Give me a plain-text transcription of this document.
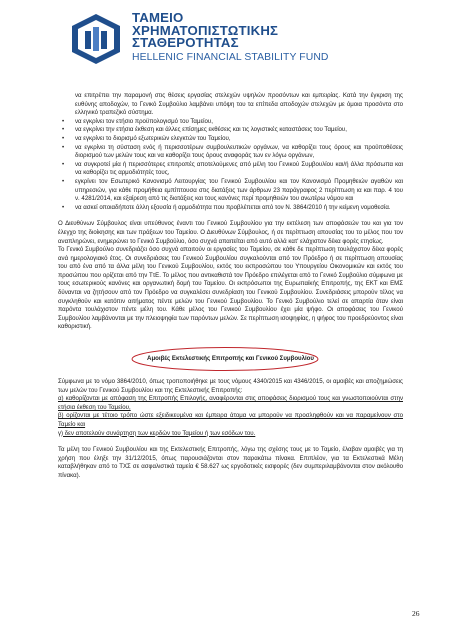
ΤΑΜΕΙΟ
ΧΡΗΜΑΤΟΠΙΣΤΩΤΙΚΗΣ
ΣΤΑΘΕΡΟΤΗΤΑΣ
HELLENIC FINANCIAL STABILITY FUND

να επιτρέπει την παραμονή στις θέσεις εργασίας στελεχών υψηλών προσόντων και εμπειρίας. Κατά την έγκριση της ευθύνης αποδοχών, το Γενικό Συμβούλιο λαμβάνει υπόψη του τα επίπεδα αποδοχών στελεχών με όμοια προσόντα στο ελληνικό τραπεζικό σύστημα.

• να εγκρίνει τον ετήσιο προϋπολογισμό του Ταμείου,
• να εγκρίνει την ετήσια έκθεση και άλλες επίσημες εκθέσεις και τις λογιστικές καταστάσεις του Ταμείου,
• να εγκρίνει το διορισμό εξωτερικών ελεγκτών του Ταμείου,
• να εγκρίνει τη σύσταση ενός ή περισσοτέρων συμβουλευτικών οργάνων, να καθορίζει τους όρους και προϋποθέσεις διορισμού των μελών τους και να καθορίζει τους όρους αναφοράς των εν λόγω οργάνων,
• να συγκροτεί μία ή περισσότερες επιτροπές αποτελούμενες από μέλη του Γενικού Συμβουλίου και/ή άλλα πρόσωπα και να καθορίζει τις αρμοδιότητές τους,
• εγκρίνει τον Εσωτερικό Κανονισμό Λειτουργίας του Γενικού Συμβουλίου και τον Κανονισμό Προμηθειών αγαθών και υπηρεσιών, για κάθε προμήθεια εμπίπτουσα στις διατάξεις των άρθρων 23 παράγραφος 2 περίπτωση ια και παρ. 4 του ν. 4281/2014, και εξαίρεση από τις διατάξεις και τους κανόνες περί προμηθειών του ανωτέρω νόμου και
• να ασκεί οποιαδήποτε άλλη εξουσία ή αρμοδιότητα που προβλέπεται από τον Ν. 3864/2010 ή την κείμενη νομοθεσία.

Ο Διευθύνων Σύμβουλος είναι υπεύθυνος έναντι του Γενικού Συμβουλίου για την εκτέλεση των αποφάσεών του και για τον έλεγχο της διοίκησης και των πράξεων του Ταμείου. Ο Διευθύνων Σύμβουλος, ή σε περίπτωση απουσίας του το μέλος που τον αναπληρώνει, ενημερώνει το Γενικό Συμβούλιο, όσο συχνά απαιτείται από αυτό αλλά κατ' ελάχιστον δέκα φορές ετησίως.

Το Γενικό Συμβούλιο συνεδριάζει όσο συχνά απαιτούν οι εργασίες του Ταμείου, σε κάθε δε περίπτωση τουλάχιστον δέκα φορές ανά ημερολογιακό έτος. Οι συνεδριάσεις του Γενικού Συμβουλίου συγκαλούνται από τον Πρόεδρο ή σε περίπτωση απουσίας του από ένα από τα άλλα μέλη του Γενικού Συμβουλίου, εκτός του εκπροσώπου του Υπουργείου Οικονομικών και εκτός του προσώπου που ορίζεται από την ΤτΕ. Το μέλος που αντικαθιστά τον Πρόεδρο επιλέγεται από το Γενικό Συμβούλιο σύμφωνα με τους εσωτερικούς κανόνες και οργανωτική δομή του Ταμείου. Οι εκπρόσωποι της Ευρωπαϊκής Επιτροπής, της ΕΚΤ και ΕΜΣ δύνανται να ζητήσουν από τον Πρόεδρο να συγκαλέσει συνεδρίαση του Γενικού Συμβουλίου. Συνεδριάσεις μπορούν τέλος να συγκληθούν και κατόπιν αιτήματος πέντε μελών του Γενικού Συμβουλίου. Το Γενικό Συμβούλιο τελεί σε απαρτία όταν είναι παρόντα τουλάχιστον πέντε μέλη του. Κάθε μέλος του Γενικού Συμβουλίου έχει μία ψήφο. Οι αποφάσεις του Γενικού Συμβουλίου λαμβάνονται με την πλειοψηφία των παρόντων μελών. Σε περίπτωση ισοψηφίας, η ψήφος του προεδρεύοντος είναι καθοριστική.

Αμοιβές Εκτελεστικής Επιτροπής και Γενικού Συμβουλίου

Σύμφωνα με το νόμο 3864/2010, όπως τροποποιήθηκε με τους νόμους 4340/2015 και 4346/2015, οι αμοιβές και αποζημιώσεις των μελών του Γενικού Συμβουλίου και της Εκτελεστικής Επιτροπής:

α) καθορίζονται με απόφαση της Επιτροπής Επιλογής, αναφέρονται στις αποφάσεις διορισμού τους και γνωστοποιούνται στην ετήσια έκθεση του Ταμείου,

β) ορίζονται με τέτοιο τρόπο ώστε εξειδικευμένα και έμπειρα άτομα να μπορούν να προσληφθούν και να παραμείνουν στο Ταμείο και

γ) δεν αποτελούν συνάρτηση των κερδών του Ταμείου ή των εσόδων του.

Τα μέλη του Γενικού Συμβουλίου και της Εκτελεστικής Επιτροπής, λόγω της σχέσης τους με το Ταμείο, έλαβαν αμοιβές για τη χρήση που έληξε την 31/12/2015, όπως παρουσιάζονται στον παρακάτω πίνακα. Επιπλέον, για τα Εκτελεστικά Μέλη καταβλήθηκαν από το ΤΧΣ σε ασφαλιστικά ταμεία € 58.627 ως εργοδοτικές εισφορές (δεν συμπεριλαμβάνονται στον ακόλουθο πίνακα).

26
